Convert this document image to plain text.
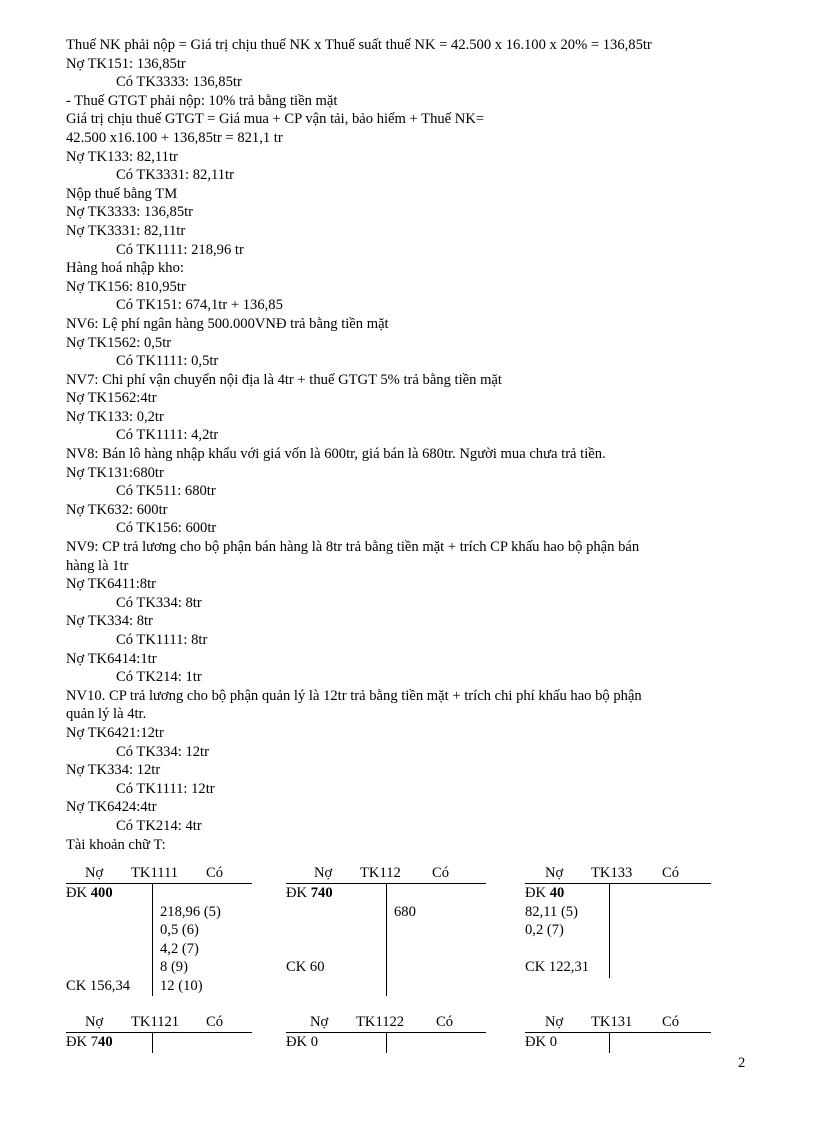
Thuế NK phải nộp = Giá trị chịu thuế NK x Thuế suất thuế NK = 42.500 x 16.100 x 20% = 136,85tr
Nợ TK151: 136,85tr
Có TK3333: 136,85tr
- Thuế GTGT phải nộp: 10% trả bằng tiền mặt
Giá trị chịu thuế GTGT = Giá mua + CP vận tải, bảo hiểm + Thuế NK=
42.500 x16.100 + 136,85tr = 821,1 tr
Nợ TK133: 82,11tr
Có TK3331: 82,11tr
Nộp thuế bằng TM
Nợ TK3333: 136,85tr
Nợ TK3331: 82,11tr
Có TK1111: 218,96 tr
Hàng hoá nhập kho:
Nợ TK156: 810,95tr
Có TK151: 674,1tr + 136,85
NV6: Lệ phí ngân hàng 500.000VNĐ trả bằng tiền mặt
Nợ TK1562: 0,5tr
Có TK1111: 0,5tr
NV7: Chi phí vận chuyển nội địa là 4tr + thuế GTGT 5% trả bằng tiền mặt
Nợ TK1562:4tr
Nợ TK133: 0,2tr
Có TK1111: 4,2tr
NV8: Bán lô hàng nhập khẩu với giá vốn là 600tr, giá bán là 680tr. Người mua chưa trả tiền.
Nợ TK131:680tr
Có TK511: 680tr
Nợ TK632: 600tr
Có TK156: 600tr
NV9: CP trả lương cho bộ phận bán hàng là 8tr trả bằng tiền mặt + trích CP khấu hao bộ phận bán
hàng là 1tr
Nợ TK6411:8tr
Có TK334: 8tr
Nợ TK334: 8tr
Có TK1111: 8tr
Nợ TK6414:1tr
Có TK214: 1tr
NV10. CP trả lương cho bộ phận quản lý là 12tr trả bằng tiền mặt + trích chi phí khấu hao bộ phận
quản lý là 4tr.
Nợ TK6421:12tr
Có TK334: 12tr
Nợ TK334: 12tr
Có TK1111: 12tr
Nợ TK6424:4tr
Có TK214: 4tr
Tài khoản chữ T:
Nợ TK1111 Có
ĐK 400
218,96 (5)
0,5 (6)
4,2 (7)
8 (9)
CK 156,34 12 (10)
Nợ TK112 Có
ĐK 740
680
CK 60
Nợ TK133 Có
ĐK 40
82,11 (5)
0,2 (7)
CK 122,31
Nợ TK1121 Có
ĐK 740
Nợ TK1122 Có
ĐK 0
Nợ TK131 Có
ĐK 0
2
